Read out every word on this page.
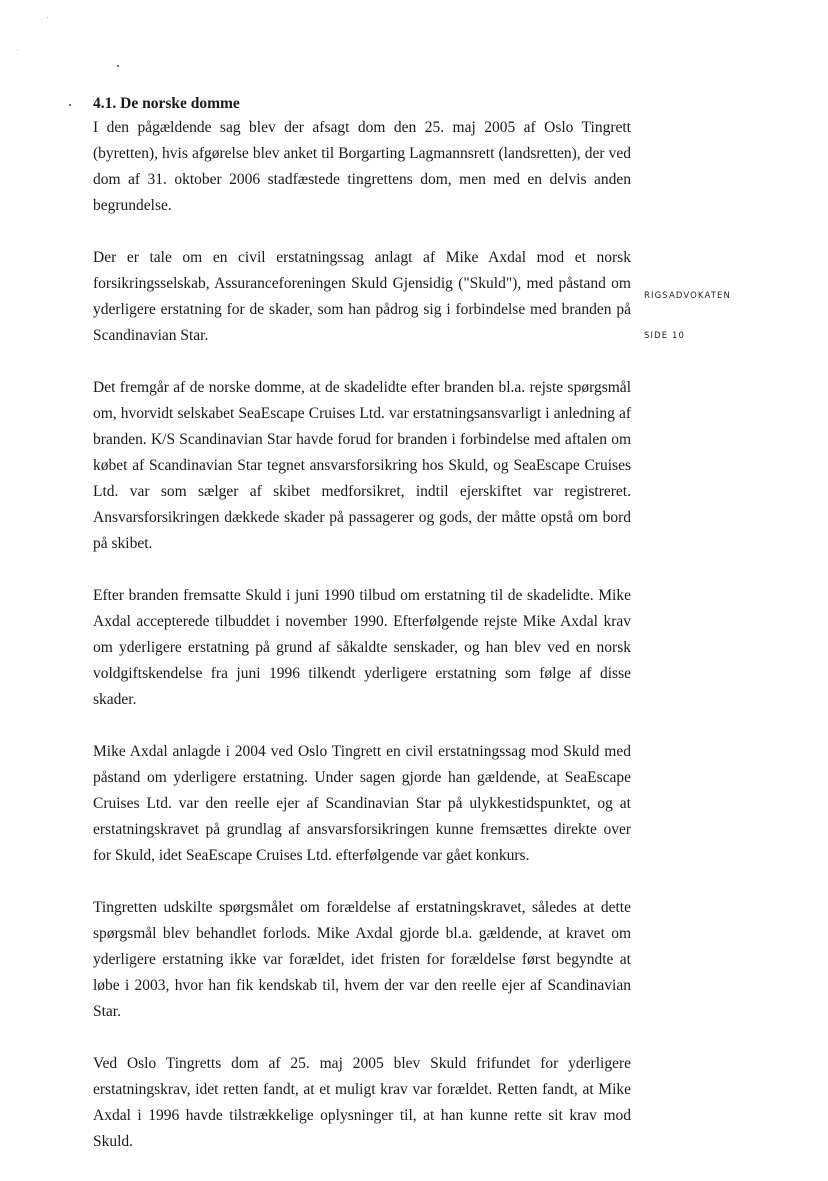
RIGSADVOKATEN
SIDE 10

4.1. De norske domme

I den pågældende sag blev der afsagt dom den 25. maj 2005 af Oslo Tingrett (byretten), hvis afgørelse blev anket til Borgarting Lagmannsrett (landsretten), der ved dom af 31. oktober 2006 stadfæstede tingrettens dom, men med en delvis anden begrundelse.

Der er tale om en civil erstatningssag anlagt af Mike Axdal mod et norsk forsikringsselskab, Assuranceforeningen Skuld Gjensidig ("Skuld"), med påstand om yderligere erstatning for de skader, som han pådrog sig i forbindelse med branden på Scandinavian Star.

Det fremgår af de norske domme, at de skadelidte efter branden bl.a. rejste spørgsmål om, hvorvidt selskabet SeaEscape Cruises Ltd. var erstatningsansvarligt i anledning af branden. K/S Scandinavian Star havde forud for branden i forbindelse med aftalen om købet af Scandinavian Star tegnet ansvarsforsikring hos Skuld, og SeaEscape Cruises Ltd. var som sælger af skibet medforsikret, indtil ejerskiftet var registreret. Ansvarsforsikringen dækkede skader på passagerer og gods, der måtte opstå om bord på skibet.

Efter branden fremsatte Skuld i juni 1990 tilbud om erstatning til de skadelidte. Mike Axdal accepterede tilbuddet i november 1990. Efterfølgende rejste Mike Axdal krav om yderligere erstatning på grund af såkaldte senskader, og han blev ved en norsk voldgiftskendelse fra juni 1996 tilkendt yderligere erstatning som følge af disse skader.

Mike Axdal anlagde i 2004 ved Oslo Tingrett en civil erstatningssag mod Skuld med påstand om yderligere erstatning. Under sagen gjorde han gældende, at SeaEscape Cruises Ltd. var den reelle ejer af Scandinavian Star på ulykkestidspunktet, og at erstatningskravet på grundlag af ansvarsforsikringen kunne fremsættes direkte over for Skuld, idet SeaEscape Cruises Ltd. efterfølgende var gået konkurs.

Tingretten udskilte spørgsmålet om forældelse af erstatningskravet, således at dette spørgsmål blev behandlet forlods. Mike Axdal gjorde bl.a. gældende, at kravet om yderligere erstatning ikke var forældet, idet fristen for forældelse først begyndte at løbe i 2003, hvor han fik kendskab til, hvem der var den reelle ejer af Scandinavian Star.

Ved Oslo Tingretts dom af 25. maj 2005 blev Skuld frifundet for yderligere erstatningskrav, idet retten fandt, at et muligt krav var forældet. Retten fandt, at Mike Axdal i 1996 havde tilstrækkelige oplysninger til, at han kunne rette sit krav mod Skuld.
